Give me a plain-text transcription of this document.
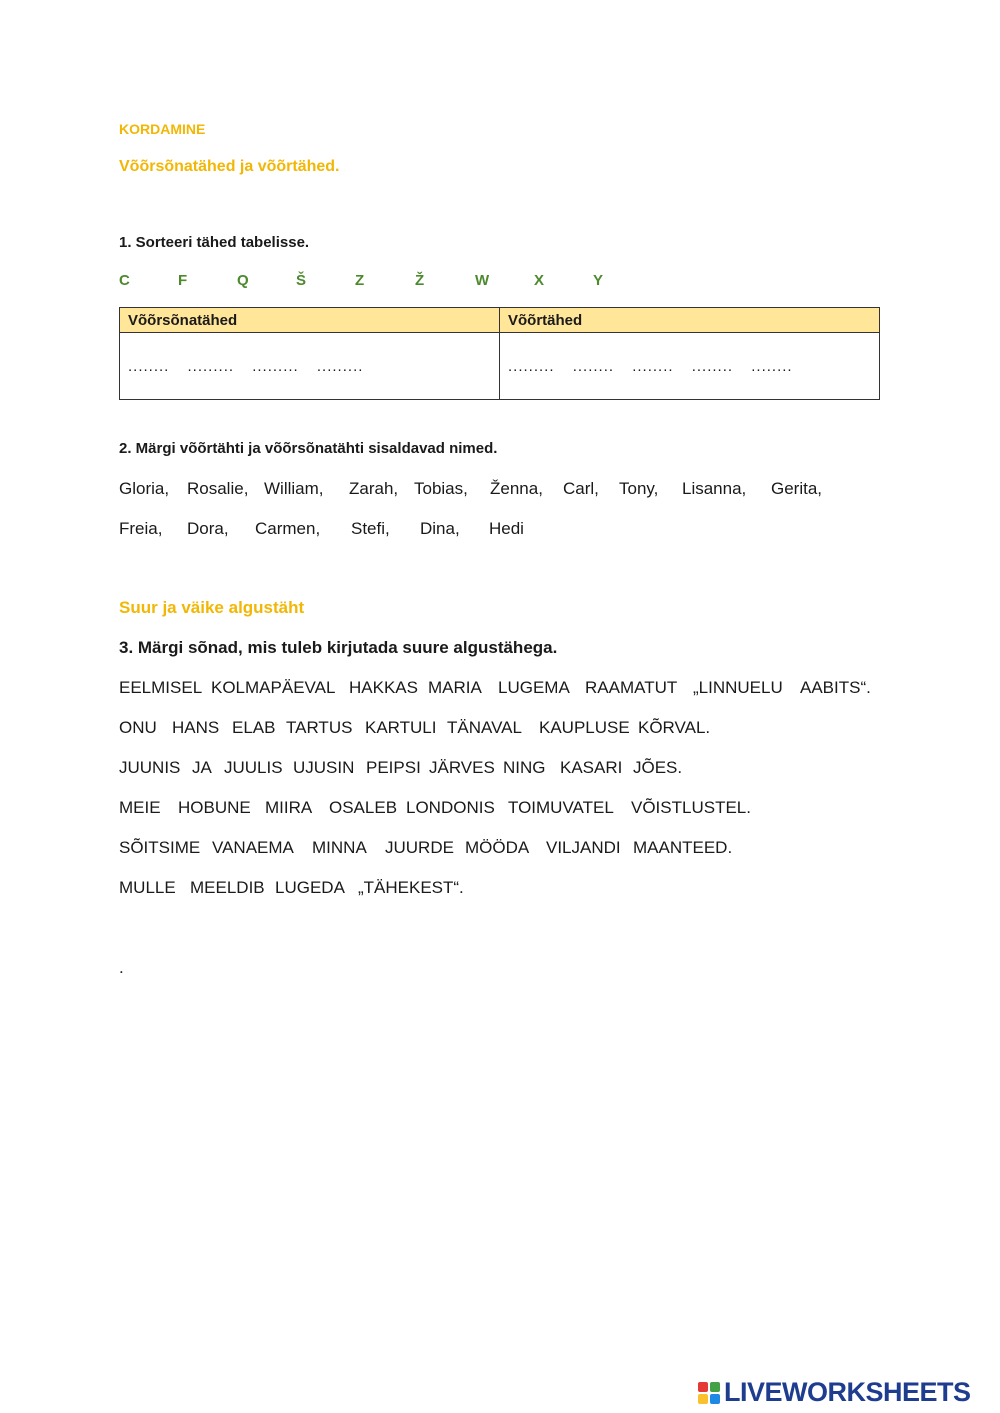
KORDAMINE
Võõrsõnatähed ja võõrtähed.
1. Sorteeri tähed tabelisse.
C	F	Q	Š	Z	Ž	W	X	Y
Võõrsõnatähed	Võõrtähed
........ ......... ......... .........	......... ........ ........ ........ ........
2. Märgi võõrtähti ja võõrsõnatähti sisaldavad nimed.
Gloria, Rosalie, William, Zarah, Tobias, Ženna, Carl, Tony, Lisanna, Gerita,
Freia, Dora, Carmen, Stefi, Dina, Hedi
Suur ja väike algustäht
3. Märgi sõnad, mis tuleb kirjutada suure algustähega.
EELMISEL KOLMAPÄEVAL HAKKAS MARIA LUGEMA RAAMATUT „LINNUELU AABITS“.
ONU HANS ELAB TARTUS KARTULI TÄNAVAL KAUPLUSE KÕRVAL.
JUUNIS JA JUULIS UJUSIN PEIPSI JÄRVES NING KASARI JÕES.
MEIE HOBUNE MIIRA OSALEB LONDONIS TOIMUVATEL VÕISTLUSTEL.
SÕITSIME VANAEMA MINNA JUURDE MÖÖDA VILJANDI MAANTEED.
MULLE MEELDIB LUGEDA „TÄHEKEST“.
.
LIVEWORKSHEETS
